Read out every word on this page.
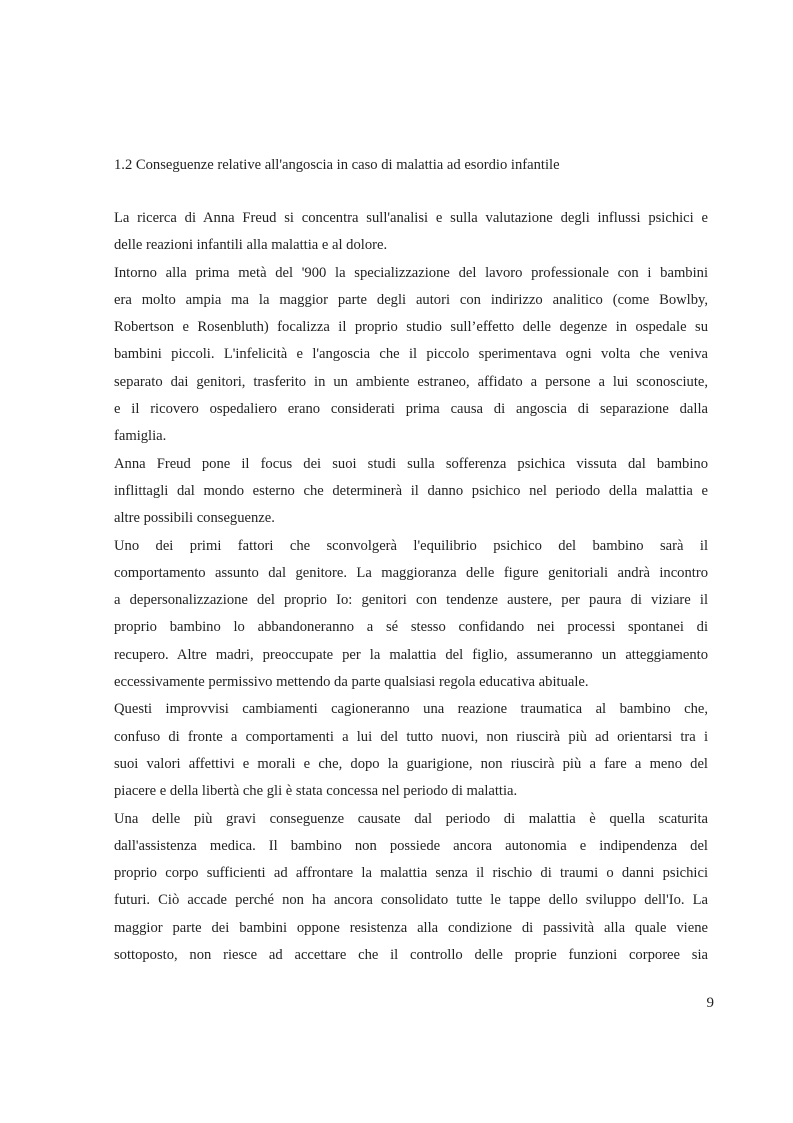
1.2 Conseguenze relative all'angoscia in caso di malattia ad esordio infantile
La ricerca di Anna Freud si concentra sull'analisi e sulla valutazione degli influssi psichici e
delle reazioni infantili alla malattia e al dolore.
Intorno alla prima metà del '900 la specializzazione del lavoro professionale con i bambini
era molto ampia ma la maggior parte degli autori con indirizzo analitico (come Bowlby,
Robertson e Rosenbluth) focalizza il proprio studio sull’effetto delle degenze in ospedale su
bambini piccoli. L'infelicità e l'angoscia che il piccolo sperimentava ogni volta che veniva
separato dai genitori, trasferito in un ambiente estraneo, affidato a persone a lui sconosciute,
e il ricovero ospedaliero erano considerati prima causa di angoscia di separazione dalla
famiglia.
Anna Freud pone il focus dei suoi studi sulla sofferenza psichica vissuta dal bambino
inflittagli dal mondo esterno che determinerà il danno psichico nel periodo della malattia e
altre possibili conseguenze.
Uno dei primi fattori che sconvolgerà l'equilibrio psichico del bambino sarà il
comportamento assunto dal genitore. La maggioranza delle figure genitoriali andrà incontro
a depersonalizzazione del proprio Io: genitori con tendenze austere, per paura di viziare il
proprio bambino lo abbandoneranno a sé stesso confidando nei processi spontanei di
recupero. Altre madri, preoccupate per la malattia del figlio, assumeranno un atteggiamento
eccessivamente permissivo mettendo da parte qualsiasi regola educativa abituale.
Questi improvvisi cambiamenti cagioneranno una reazione traumatica al bambino che,
confuso di fronte a comportamenti a lui del tutto nuovi, non riuscirà più ad orientarsi tra i
suoi valori affettivi e morali e che, dopo la guarigione, non riuscirà più a fare a meno del
piacere e della libertà che gli è stata concessa nel periodo di malattia.
Una delle più gravi conseguenze causate dal periodo di malattia è quella scaturita
dall'assistenza medica. Il bambino non possiede ancora autonomia e indipendenza del
proprio corpo sufficienti ad affrontare la malattia senza il rischio di traumi o danni psichici
futuri. Ciò accade perché non ha ancora consolidato tutte le tappe dello sviluppo dell'Io. La
maggior parte dei bambini oppone resistenza alla condizione di passività alla quale viene
sottoposto, non riesce ad accettare che il controllo delle proprie funzioni corporee sia
9
